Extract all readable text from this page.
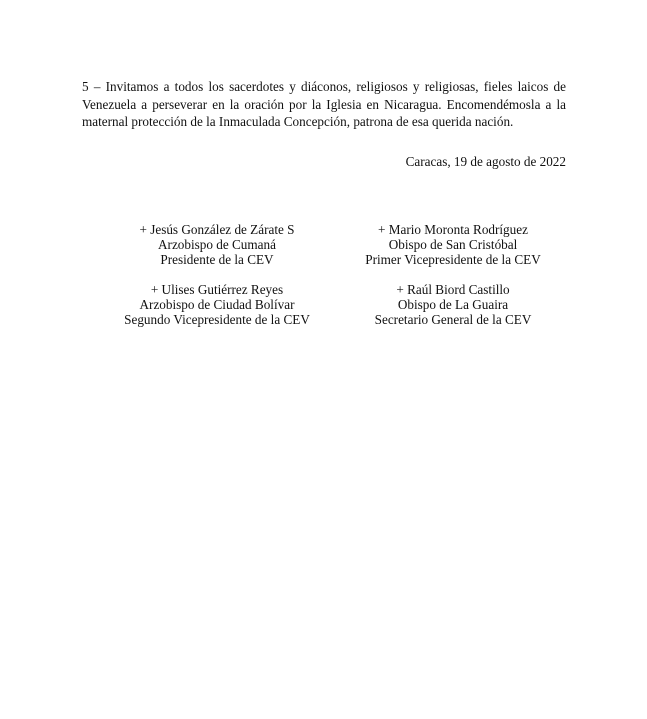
5 – Invitamos a todos los sacerdotes y diáconos, religiosos y religiosas, fieles laicos de Venezuela a perseverar en la oración por la Iglesia en Nicaragua. Encomendémosla a la maternal protección de la Inmaculada Concepción, patrona de esa querida nación.

Caracas, 19 de agosto de 2022

+ Jesús González de Zárate S
Arzobispo de Cumaná
Presidente de la CEV
+ Mario Moronta Rodríguez
Obispo de San Cristóbal
Primer Vicepresidente de la CEV
+ Ulises Gutiérrez Reyes
Arzobispo de Ciudad Bolívar
Segundo Vicepresidente de la CEV
+ Raúl Biord Castillo
Obispo de La Guaira
Secretario General de la CEV
